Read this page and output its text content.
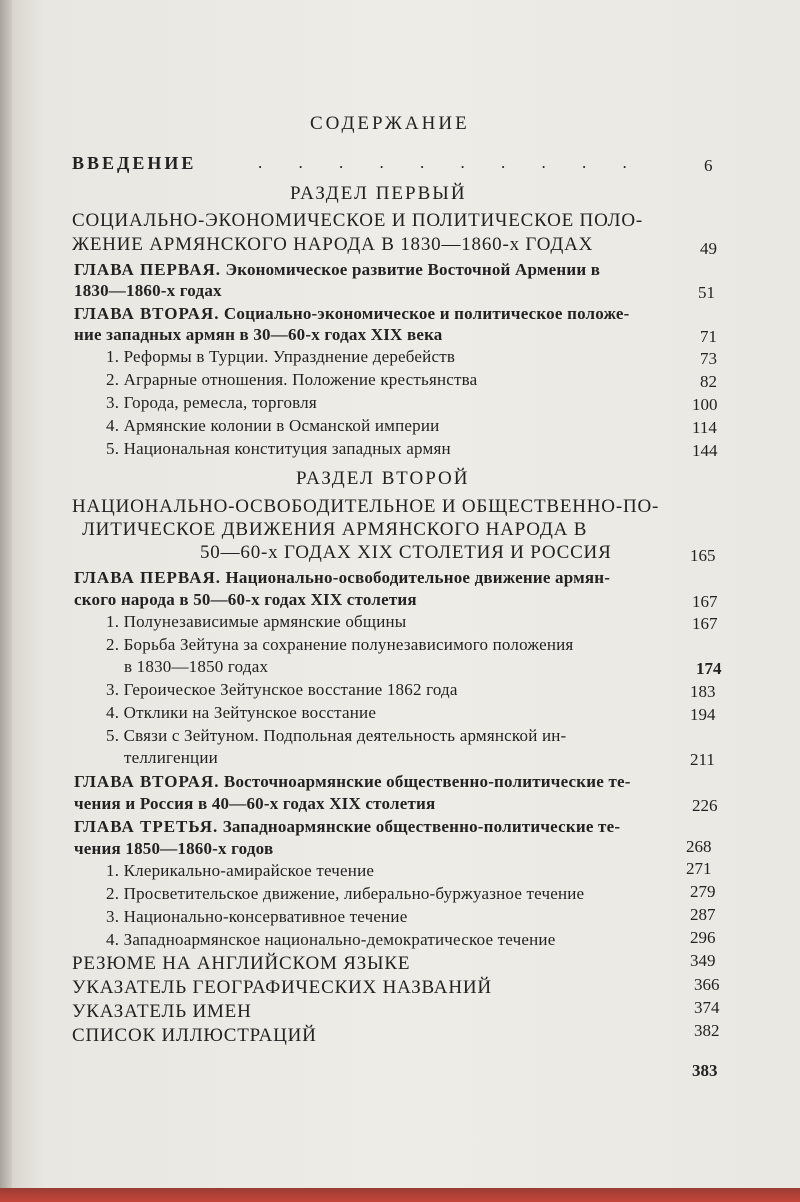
СОДЕРЖАНИЕ
ВВЕДЕНИЕ	. . . . . . . . . .	6
РАЗДЕЛ ПЕРВЫЙ
СОЦИАЛЬНО-ЭКОНОМИЧЕСКОЕ И ПОЛИТИЧЕСКОЕ ПОЛО-
ЖЕНИЕ АРМЯНСКОГО НАРОДА В 1830—1860-х ГОДАХ	49
ГЛАВА ПЕРВАЯ. Экономическое развитие Восточной Армении в
1830—1860-х годах	51
ГЛАВА ВТОРАЯ. Социально-экономическое и политическое положе-
ние западных армян в 30—60-х годах XIX века	71
1. Реформы в Турции. Упразднение деребейств	73
2. Аграрные отношения. Положение крестьянства	82
3. Города, ремесла, торговля	100
4. Армянские колонии в Османской империи	114
5. Национальная конституция западных армян	144
РАЗДЕЛ ВТОРОЙ
НАЦИОНАЛЬНО-ОСВОБОДИТЕЛЬНОЕ И ОБЩЕСТВЕННО-ПО-
ЛИТИЧЕСКОЕ ДВИЖЕНИЯ АРМЯНСКОГО НАРОДА В
50—60-х ГОДАХ XIX СТОЛЕТИЯ И РОССИЯ	165
ГЛАВА ПЕРВАЯ. Национально-освободительное движение армян-
ского народа в 50—60-х годах XIX столетия	167
1. Полунезависимые армянские общины	167
2. Борьба Зейтуна за сохранение полунезависимого положения
в 1830—1850 годах	174
3. Героическое Зейтунское восстание 1862 года	183
4. Отклики на Зейтунское восстание	194
5. Связи с Зейтуном. Подпольная деятельность армянской ин-
теллигенции	211
ГЛАВА ВТОРАЯ. Восточноармянские общественно-политические те-
чения и Россия в 40—60-х годах XIX столетия	226
ГЛАВА ТРЕТЬЯ. Западноармянские общественно-политические те-
чения 1850—1860-х годов	268
1. Клерикально-амирайское течение	271
2. Просветительское движение, либерально-буржуазное течение	279
3. Национально-консервативное течение	287
4. Западноармянское национально-демократическое течение	296
РЕЗЮМЕ НА АНГЛИЙСКОМ ЯЗЫКЕ	349
УКАЗАТЕЛЬ ГЕОГРАФИЧЕСКИХ НАЗВАНИЙ	366
УКАЗАТЕЛЬ ИМЕН	374
СПИСОК ИЛЛЮСТРАЦИЙ	382
383
